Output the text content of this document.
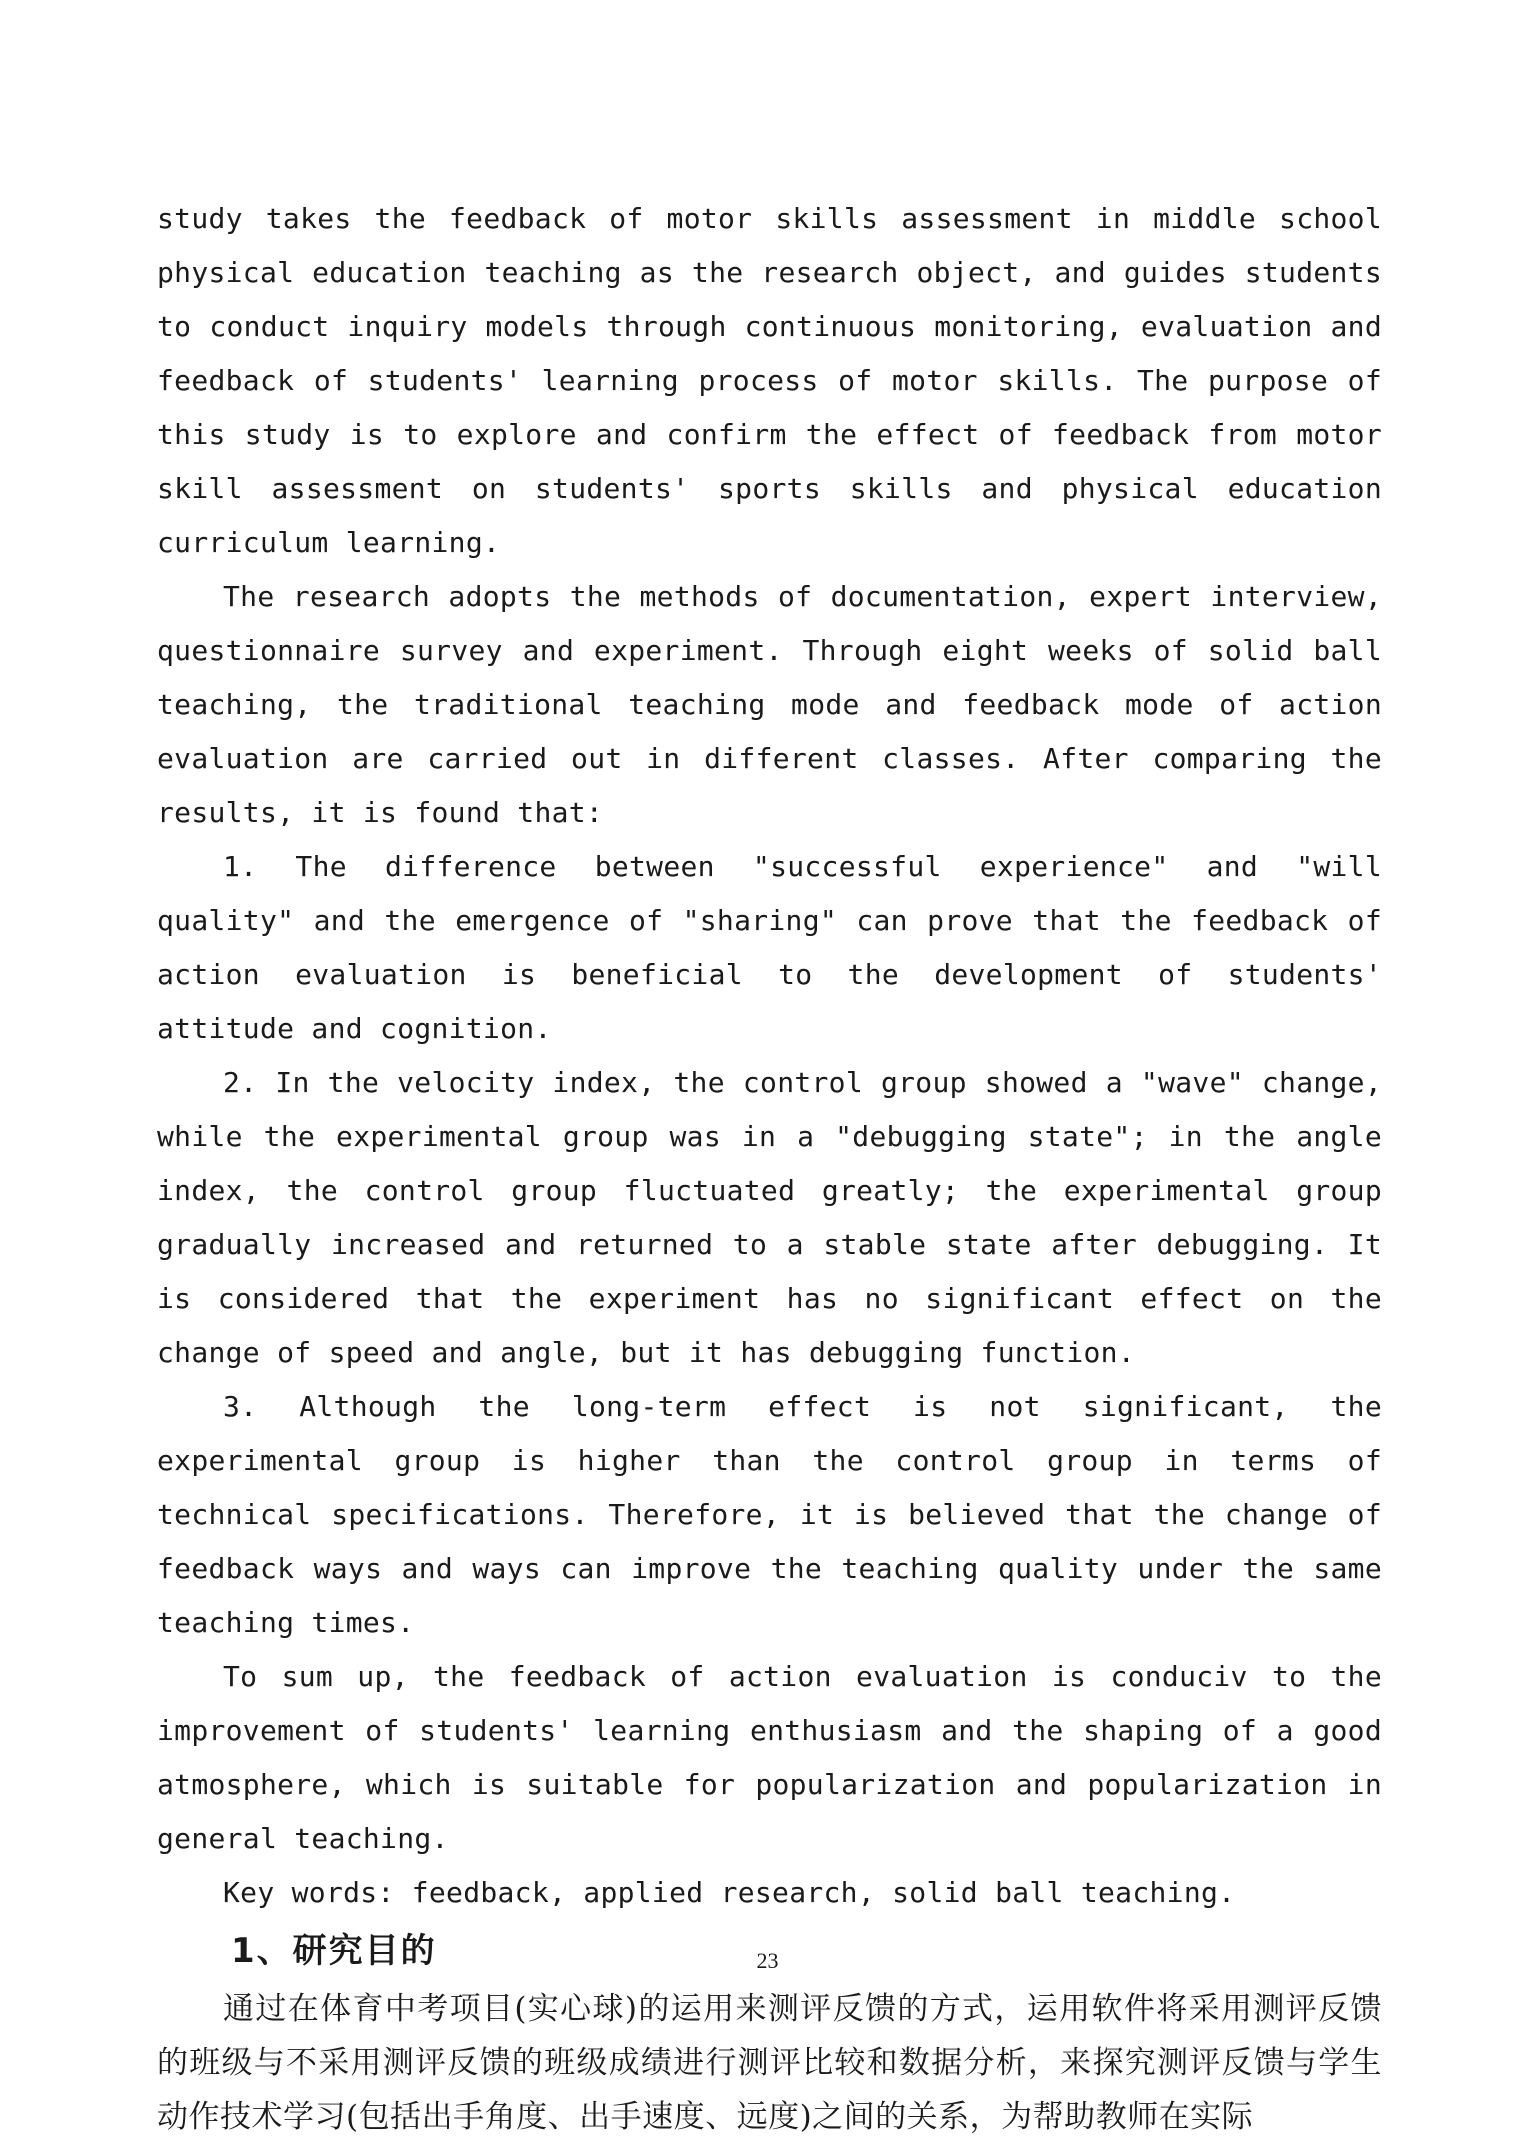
study takes the feedback of motor skills assessment in middle school physical education teaching as the research object, and guides students to conduct inquiry models through continuous monitoring, evaluation and feedback of students' learning process of motor skills. The purpose of this study is to explore and confirm the effect of feedback from motor skill assessment on students' sports skills and physical education curriculum learning.

The research adopts the methods of documentation, expert interview, questionnaire survey and experiment. Through eight weeks of solid ball teaching, the traditional teaching mode and feedback mode of action evaluation are carried out in different classes. After comparing the results, it is found that:

1. The difference between "successful experience" and "will quality" and the emergence of "sharing" can prove that the feedback of action evaluation is beneficial to the development of students' attitude and cognition.

2. In the velocity index, the control group showed a "wave" change, while the experimental group was in a "debugging state"; in the angle index, the control group fluctuated greatly; the experimental group gradually increased and returned to a stable state after debugging. It is considered that the experiment has no significant effect on the change of speed and angle, but it has debugging function.

3. Although the long-term effect is not significant, the experimental group is higher than the control group in terms of technical specifications. Therefore, it is believed that the change of feedback ways and ways can improve the teaching quality under the same teaching times.

To sum up, the feedback of action evaluation is conduciv to the improvement of students' learning enthusiasm and the shaping of a good atmosphere, which is suitable for popularization and popularization in general teaching.

Key words: feedback, applied research, solid ball teaching.

1、研究目的

通过在体育中考项目(实心球)的运用来测评反馈的方式，运用软件将采用测评反馈的班级与不采用测评反馈的班级成绩进行测评比较和数据分析，来探究测评反馈与学生动作技术学习(包括出手角度、出手速度、远度)之间的关系，为帮助教师在实际

23
